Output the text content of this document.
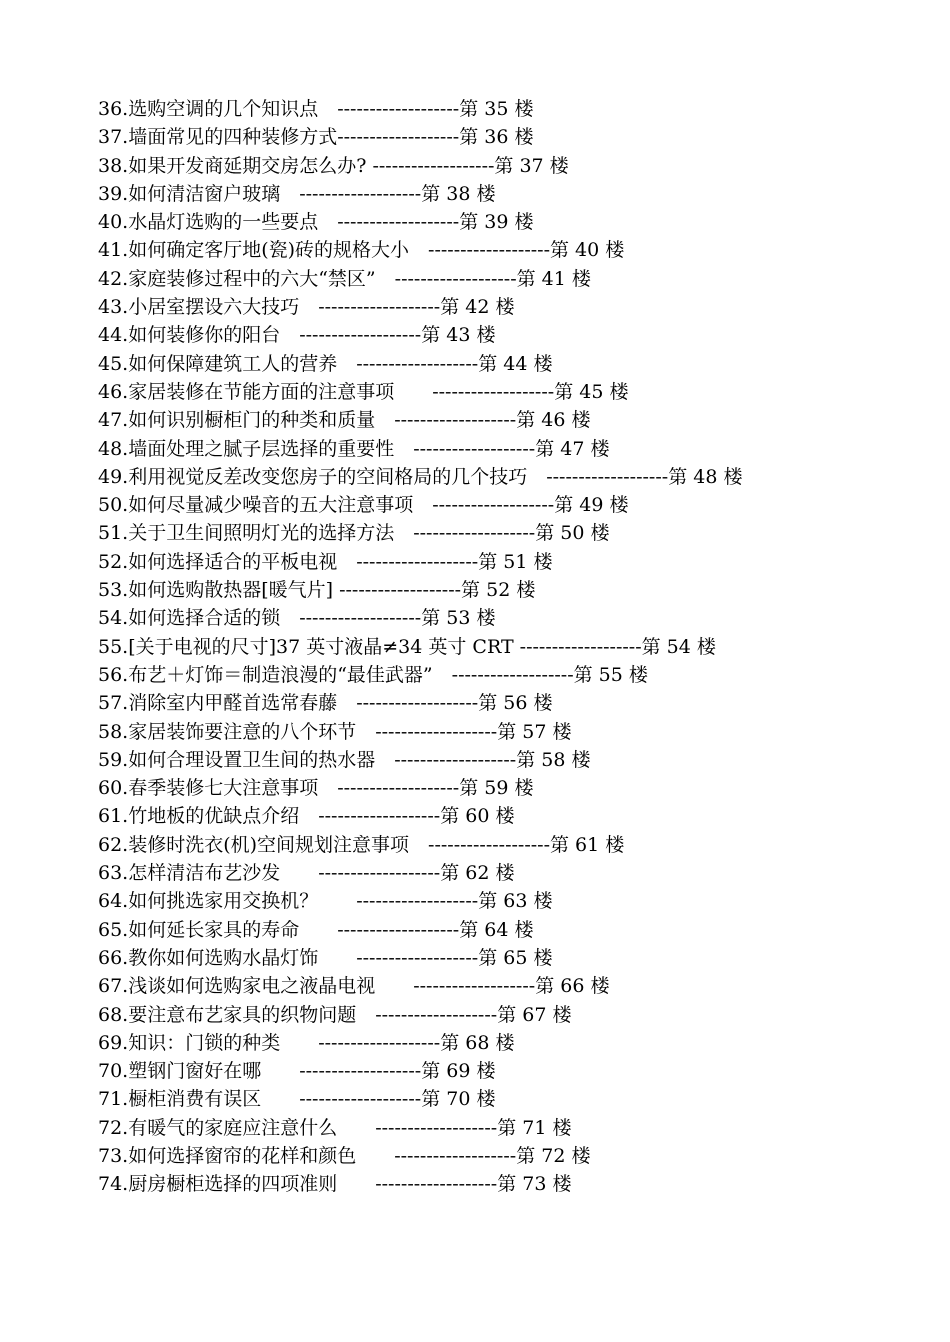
36.选购空调的几个知识点　-------------------第 35 楼
37.墙面常见的四种装修方式-------------------第 36 楼
38.如果开发商延期交房怎么办? -------------------第 37 楼
39.如何清洁窗户玻璃　-------------------第 38 楼
40.水晶灯选购的一些要点　-------------------第 39 楼
41.如何确定客厅地(瓷)砖的规格大小　-------------------第 40 楼
42.家庭装修过程中的六大“禁区”　-------------------第 41 楼
43.小居室摆设六大技巧　-------------------第 42 楼
44.如何装修你的阳台　-------------------第 43 楼
45.如何保障建筑工人的营养　-------------------第 44 楼
46.家居装修在节能方面的注意事项　　-------------------第 45 楼
47.如何识别橱柜门的种类和质量　-------------------第 46 楼
48.墙面处理之腻子层选择的重要性　-------------------第 47 楼
49.利用视觉反差改变您房子的空间格局的几个技巧　-------------------第 48 楼
50.如何尽量减少噪音的五大注意事项　-------------------第 49 楼
51.关于卫生间照明灯光的选择方法　-------------------第 50 楼
52.如何选择适合的平板电视　-------------------第 51 楼
53.如何选购散热器[暖气片] -------------------第 52 楼
54.如何选择合适的锁　-------------------第 53 楼
55.[关于电视的尺寸]37 英寸液晶≠34 英寸 CRT -------------------第 54 楼
56.布艺＋灯饰＝制造浪漫的“最佳武器”　-------------------第 55 楼
57.消除室内甲醛首选常春藤　-------------------第 56 楼
58.家居装饰要注意的八个环节　-------------------第 57 楼
59.如何合理设置卫生间的热水器　-------------------第 58 楼
60.春季装修七大注意事项　-------------------第 59 楼
61.竹地板的优缺点介绍　-------------------第 60 楼
62.装修时洗衣(机)空间规划注意事项　-------------------第 61 楼
63.怎样清洁布艺沙发　　-------------------第 62 楼
64.如何挑选家用交换机？　　-------------------第 63 楼
65.如何延长家具的寿命　　-------------------第 64 楼
66.教你如何选购水晶灯饰　　-------------------第 65 楼
67.浅谈如何选购家电之液晶电视　　-------------------第 66 楼
68.要注意布艺家具的织物问题　-------------------第 67 楼
69.知识：门锁的种类　　-------------------第 68 楼
70.塑钢门窗好在哪　　-------------------第 69 楼
71.橱柜消费有误区　　-------------------第 70 楼
72.有暖气的家庭应注意什么　　-------------------第 71 楼
73.如何选择窗帘的花样和颜色　　-------------------第 72 楼
74.厨房橱柜选择的四项准则　　-------------------第 73 楼
